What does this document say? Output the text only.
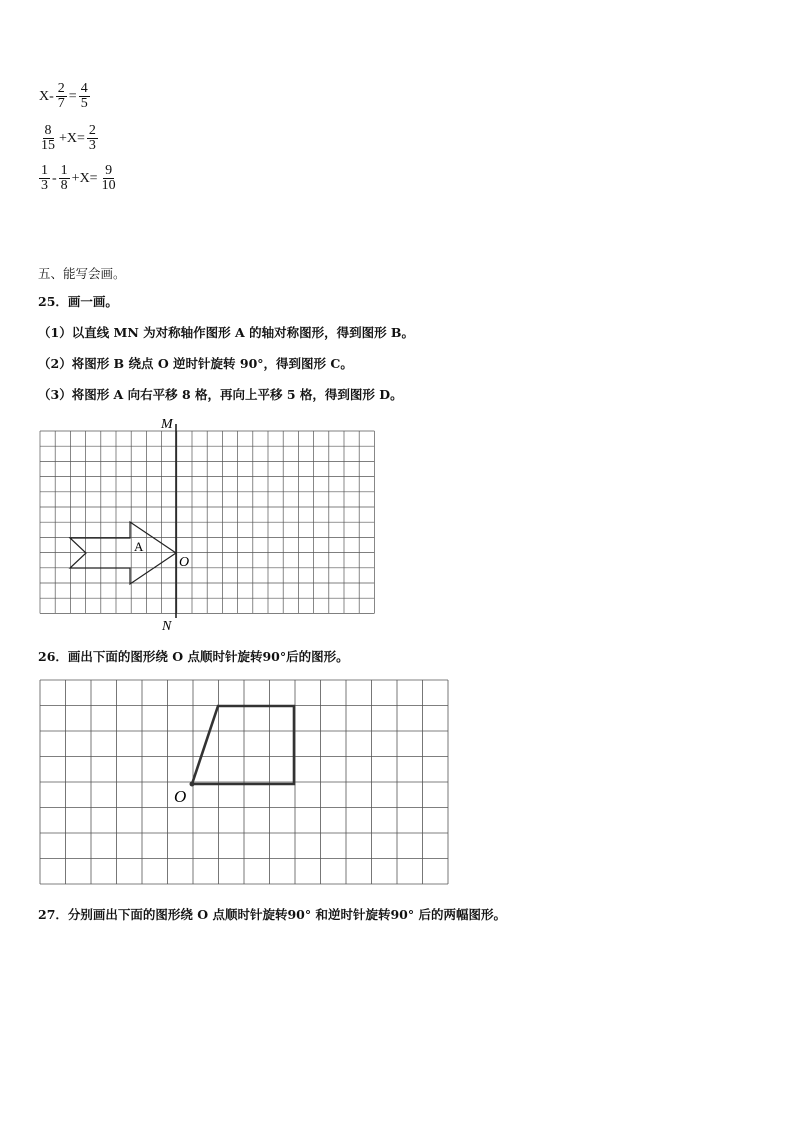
$X- \frac{2}{7} = \frac{4}{5}$
$\frac{8}{15} +X= \frac{2}{3}$
$\frac{1}{3} - \frac{1}{8} +X= \frac{9}{10}$
五、能写会画。
25．画一画。
（1）以直线 MN 为对称轴作图形 A 的轴对称图形，得到图形 B。
（2）将图形 B 绕点 O 逆时针旋转 90°，得到图形 C。
（3）将图形 A 向右平移 8 格，再向上平移 5 格，得到图形 D。
M
N
O
A
26．画出下面的图形绕 O 点顺时针旋转90°后的图形。
O
27．分别画出下面的图形绕 O 点顺时针旋转90° 和逆时针旋转90° 后的两幅图形。
